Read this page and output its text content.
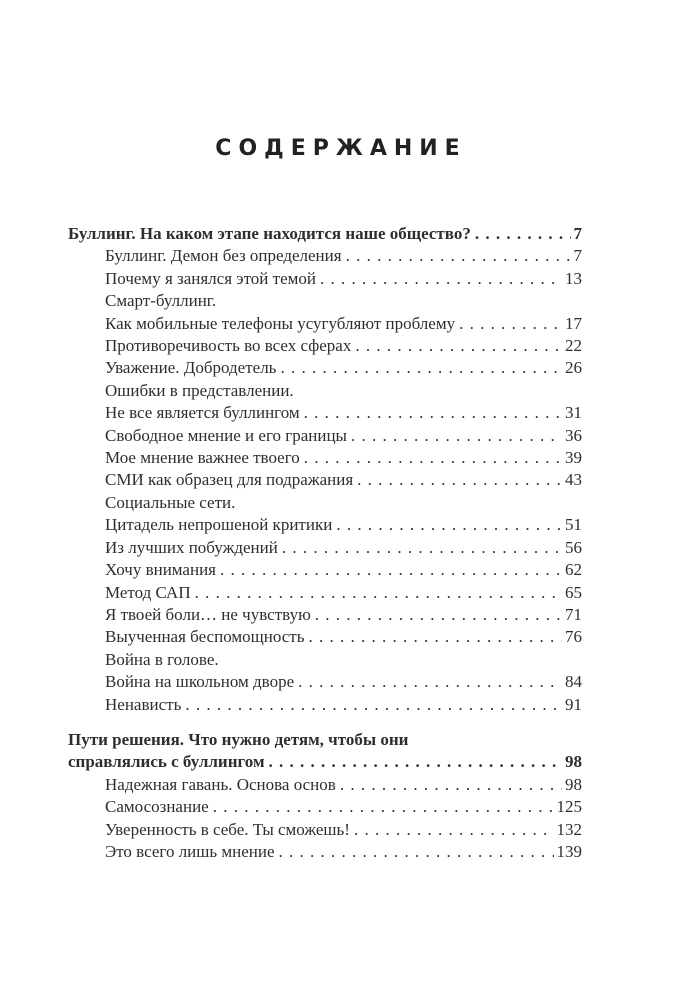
СОДЕРЖАНИЕ
Буллинг. На каком этапе находится наше общество? . . .	7
Буллинг. Демон без определения . . .	7
Почему я занялся этой темой . . .	13
Смарт-буллинг.
Как мобильные телефоны усугубляют проблему . . .	17
Противоречивость во всех сферах . . .	22
Уважение. Добродетель . . .	26
Ошибки в представлении.
Не все является буллингом . . .	31
Свободное мнение и его границы . . .	36
Мое мнение важнее твоего . . .	39
СМИ как образец для подражания . . .	43
Социальные сети.
Цитадель непрошеной критики . . .	51
Из лучших побуждений . . .	56
Хочу внимания . . .	62
Метод САП . . .	65
Я твоей боли… не чувствую . . .	71
Выученная беспомощность . . .	76
Война в голове.
Война на школьном дворе . . .	84
Ненависть . . .	91
Пути решения. Что нужно детям, чтобы они
справлялись с буллингом . . .	98
Надежная гавань. Основа основ . . .	98
Самосознание . . .	125
Уверенность в себе. Ты сможешь! . . .	132
Это всего лишь мнение . . .	139
